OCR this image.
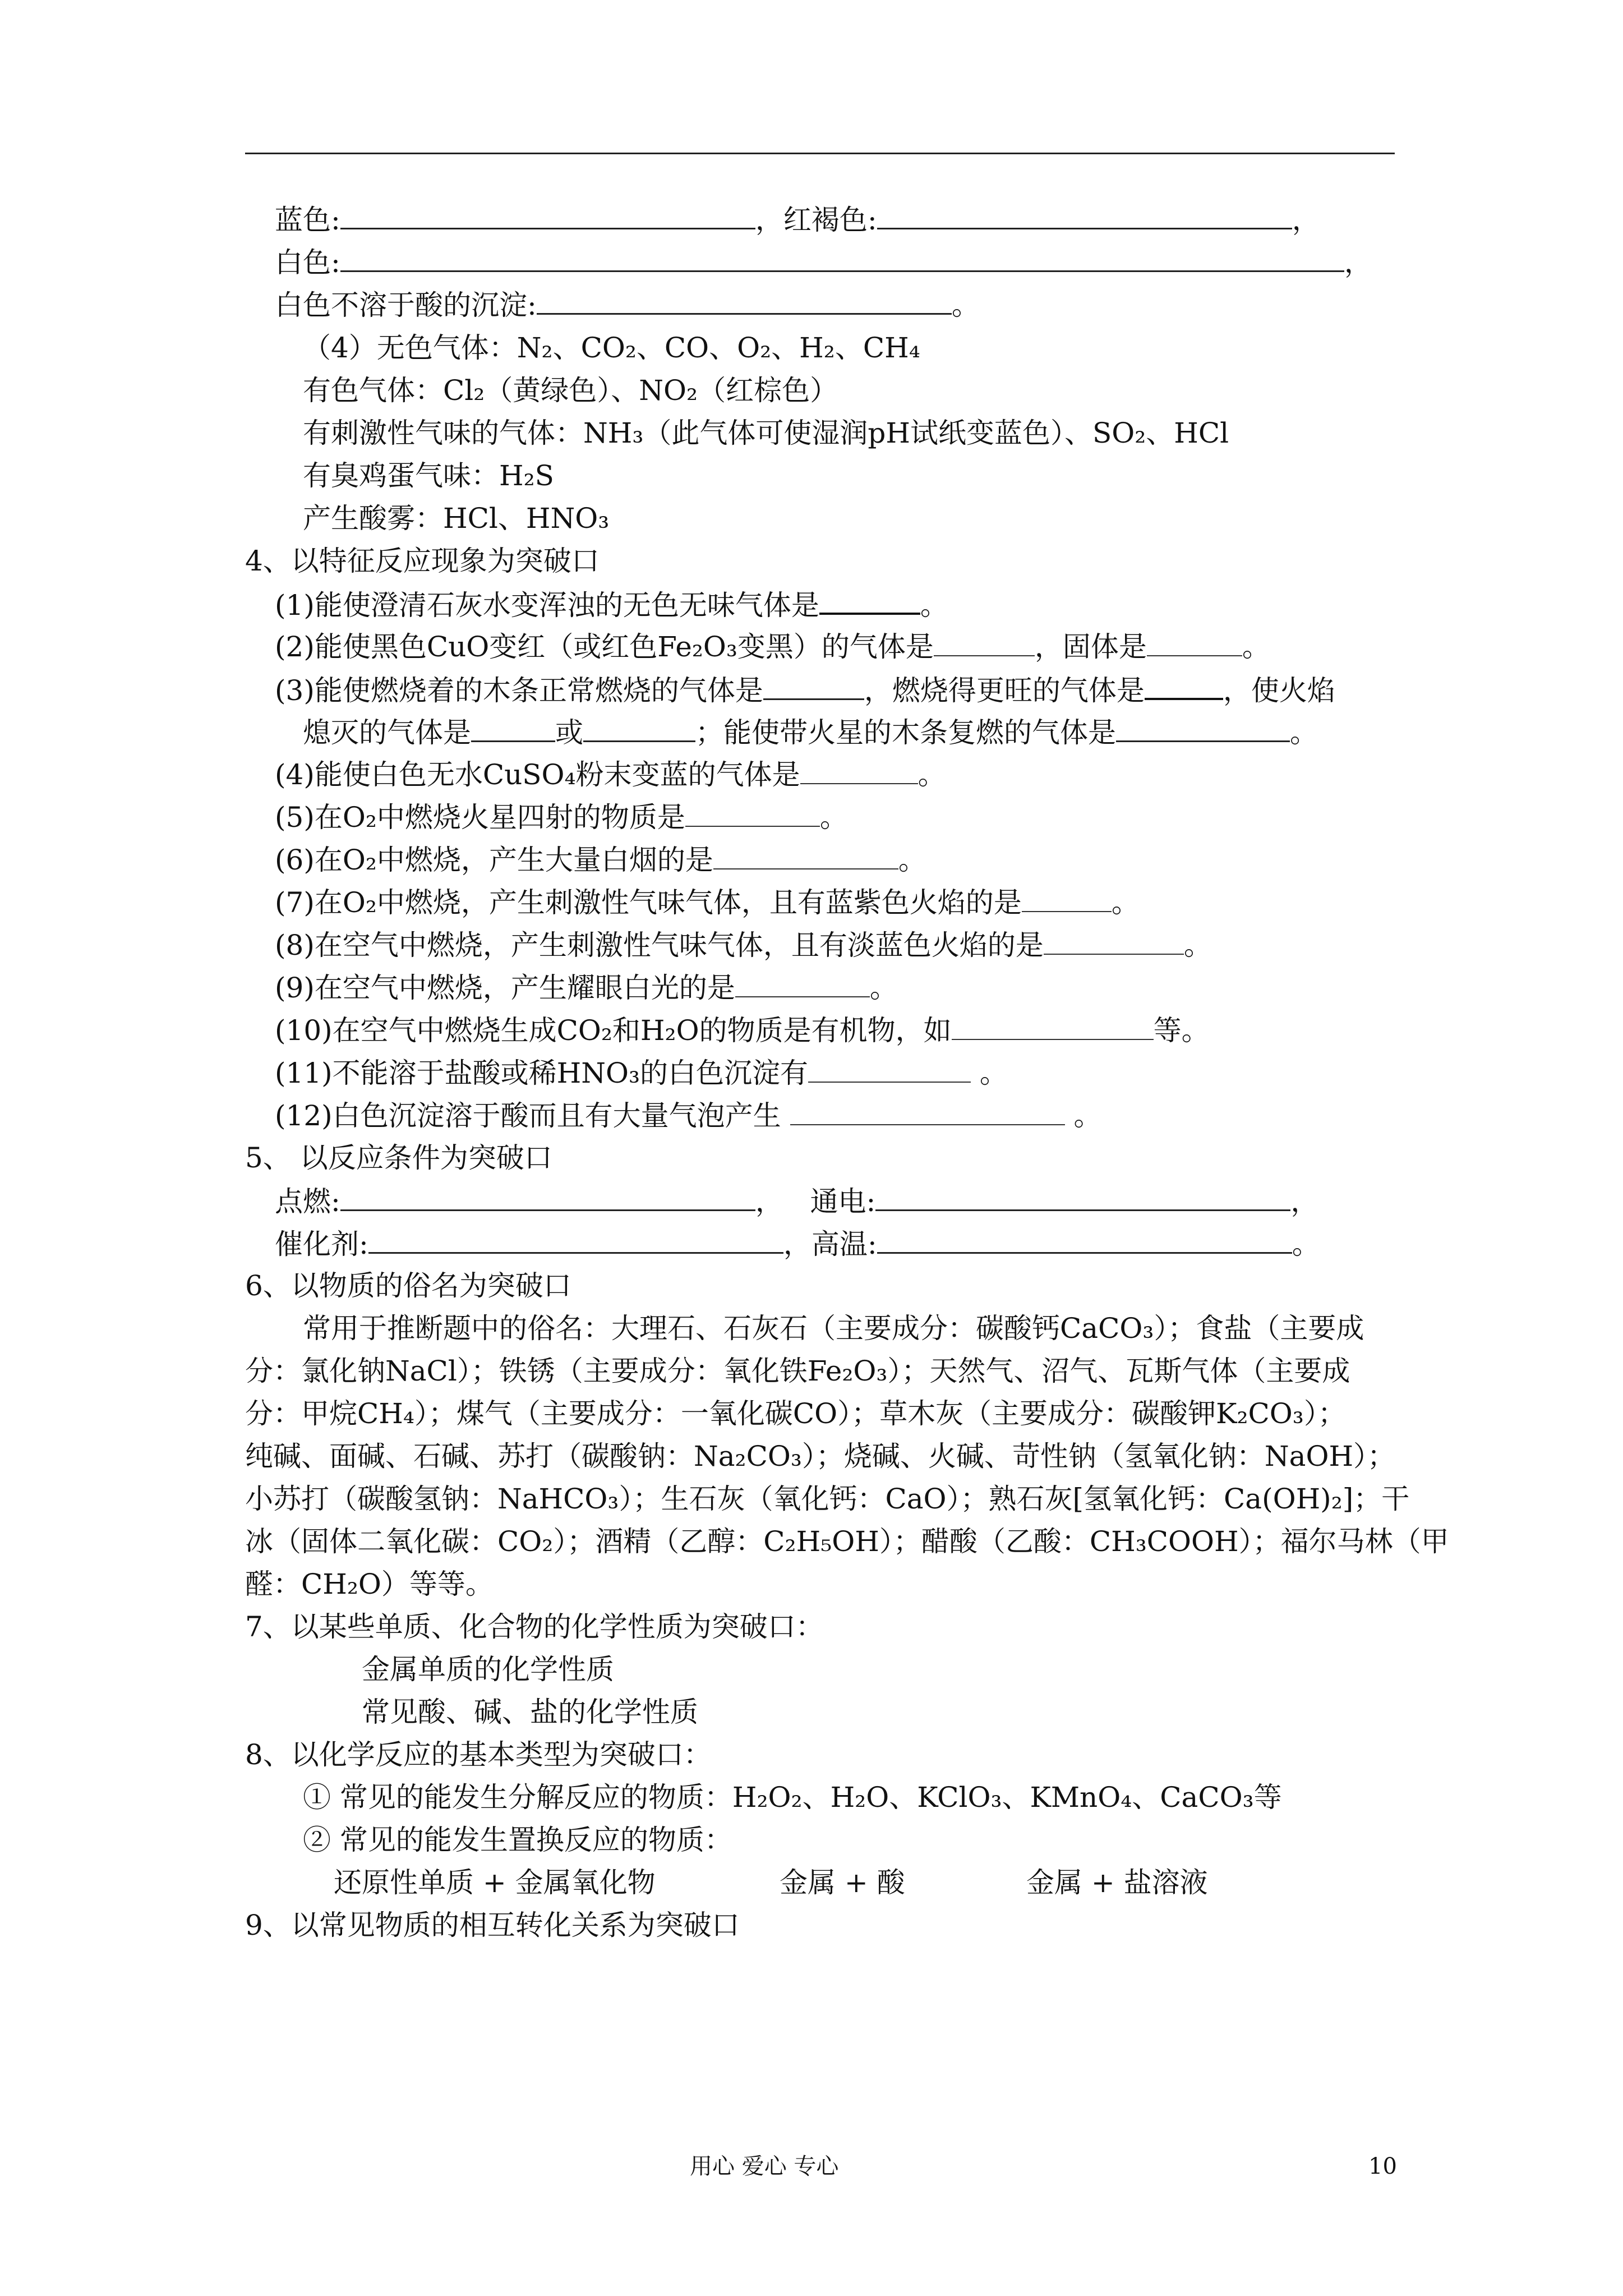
蓝色:	，红褐色:	，
白色:	，
白色不溶于酸的沉淀:	。
（4）无色气体：N₂、CO₂、CO、O₂、H₂、CH₄
有色气体：Cl₂（黄绿色）、NO₂（红棕色）
有刺激性气味的气体：NH₃（此气体可使湿润pH试纸变蓝色）、SO₂、HCl
有臭鸡蛋气味：H₂S
产生酸雾：HCl、HNO₃
4、以特征反应现象为突破口
(1)能使澄清石灰水变浑浊的无色无味气体是	。
(2)能使黑色CuO变红（或红色Fe₂O₃变黑）的气体是	，固体是	。
(3)能使燃烧着的木条正常燃烧的气体是	，燃烧得更旺的气体是	，使火焰
熄灭的气体是	或	；能使带火星的木条复燃的气体是	。
(4)能使白色无水CuSO₄粉末变蓝的气体是	。
(5)在O₂中燃烧火星四射的物质是	。
(6)在O₂中燃烧，产生大量白烟的是	。
(7)在O₂中燃烧，产生刺激性气味气体，且有蓝紫色火焰的是	。
(8)在空气中燃烧，产生刺激性气味气体，且有淡蓝色火焰的是	。
(9)在空气中燃烧，产生耀眼白光的是	。
(10)在空气中燃烧生成CO₂和H₂O的物质是有机物，如	等。
(11)不能溶于盐酸或稀HNO₃的白色沉淀有	。
(12)白色沉淀溶于酸而且有大量气泡产生	。
5、 以反应条件为突破口
点燃:	，   通电:	，
催化剂:	，高温:	。
6、以物质的俗名为突破口
常用于推断题中的俗名：大理石、石灰石（主要成分：碳酸钙CaCO₃）；食盐（主要成
分：氯化钠NaCl）；铁锈（主要成分：氧化铁Fe₂O₃）；天然气、沼气、瓦斯气体（主要成
分：甲烷CH₄）；煤气（主要成分：一氧化碳CO）；草木灰（主要成分：碳酸钾K₂CO₃）；
纯碱、面碱、石碱、苏打（碳酸钠：Na₂CO₃）；烧碱、火碱、苛性钠（氢氧化钠：NaOH）；
小苏打（碳酸氢钠：NaHCO₃）；生石灰（氧化钙：CaO）；熟石灰[氢氧化钙：Ca(OH)₂]；干
冰（固体二氧化碳：CO₂）；酒精（乙醇：C₂H₅OH）；醋酸（乙酸：CH₃COOH）；福尔马林（甲
醛：CH₂O）等等。
7、以某些单质、化合物的化学性质为突破口：
金属单质的化学性质
常见酸、碱、盐的化学性质
8、以化学反应的基本类型为突破口：
① 常见的能发生分解反应的物质：H₂O₂、H₂O、KClO₃、KMnO₄、CaCO₃等
② 常见的能发生置换反应的物质：
还原性单质 + 金属氧化物	金属 + 酸	金属 + 盐溶液
9、以常见物质的相互转化关系为突破口
用心 爱心 专心	10
